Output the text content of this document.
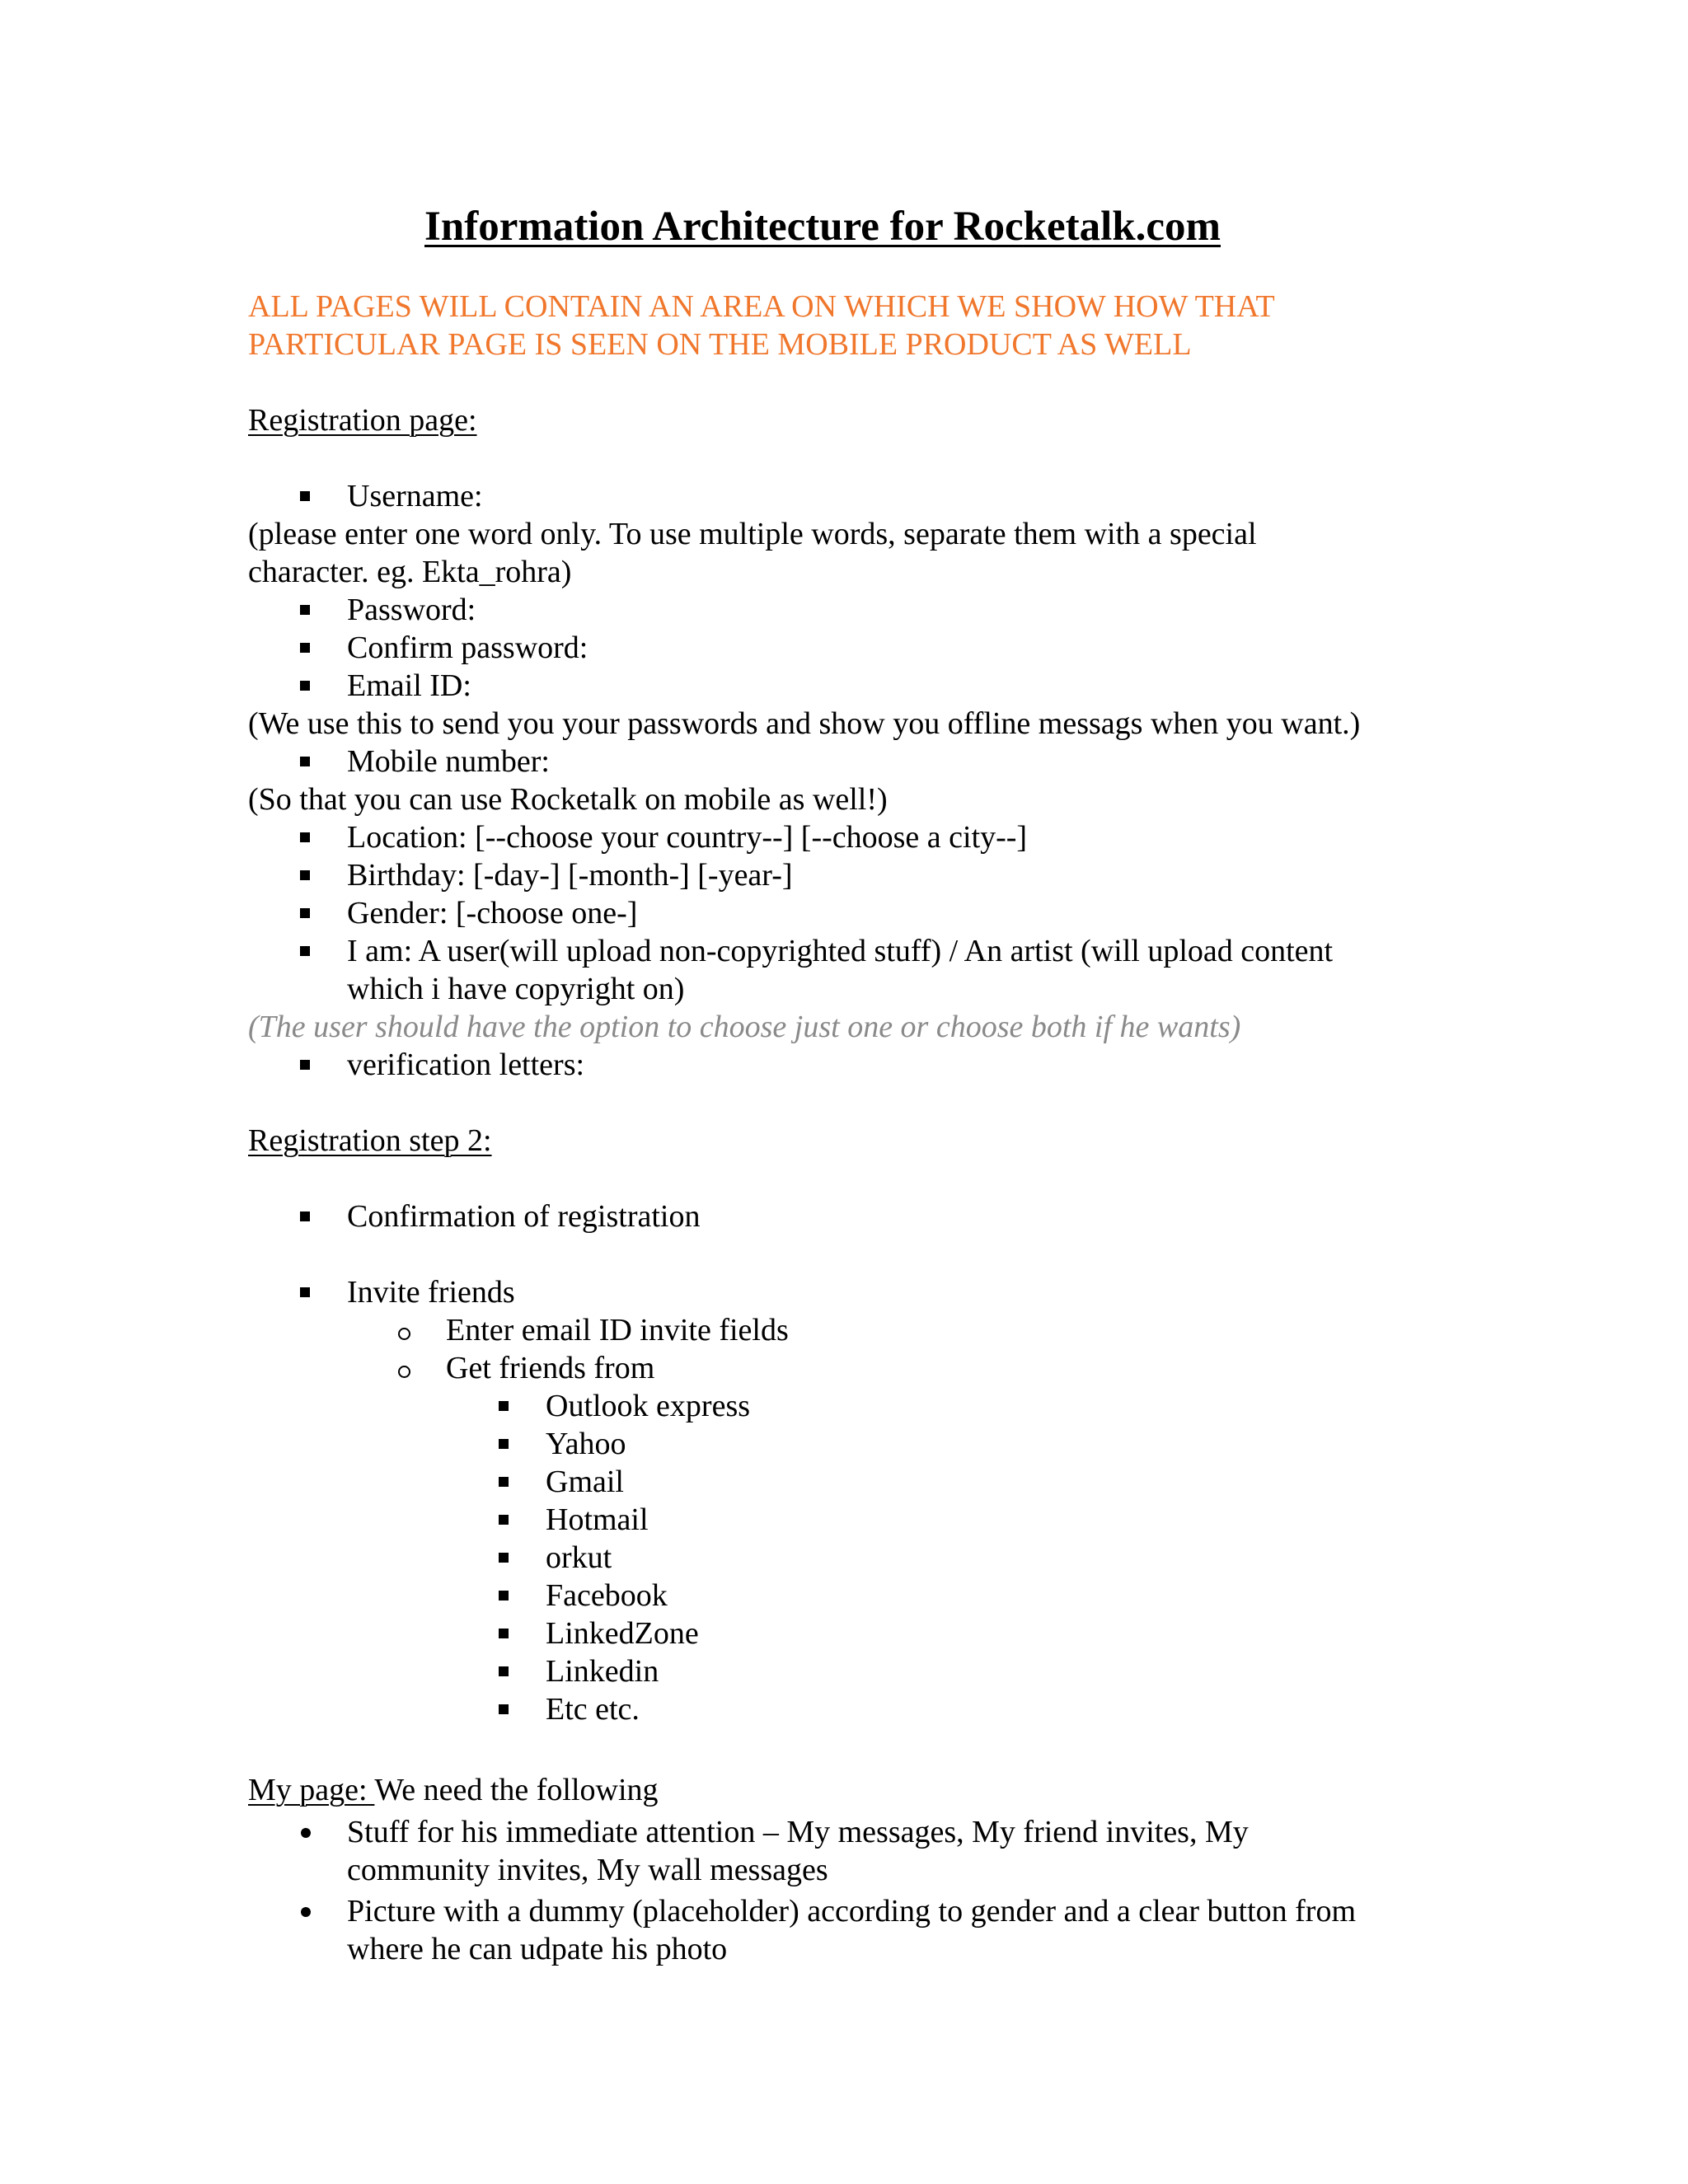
Information Architecture for Rocketalk.com
ALL PAGES WILL CONTAIN AN AREA ON WHICH WE SHOW HOW THAT
PARTICULAR PAGE IS SEEN ON THE MOBILE PRODUCT AS WELL
Registration page:
Username:
(please enter one word only. To use multiple words, separate them with a special
character. eg. Ekta_rohra)
Password:
Confirm password:
Email ID:
(We use this to send you your passwords and show you offline messags when you want.)
Mobile number:
(So that you can use Rocketalk on mobile as well!)
Location: [--choose your country--] [--choose a city--]
Birthday: [-day-] [-month-] [-year-]
Gender: [-choose one-]
I am: A user(will upload non-copyrighted stuff) / An artist (will upload content
which i have copyright on)
(The user should have the option to choose just one or choose both if he wants)
verification letters:
Registration step 2:
Confirmation of registration
Invite friends
Enter email ID invite fields
Get friends from
Outlook express
Yahoo
Gmail
Hotmail
orkut
Facebook
LinkedZone
Linkedin
Etc etc.
My page: We need the following
Stuff for his immediate attention – My messages, My friend invites, My
community invites, My wall messages
Picture with a dummy (placeholder) according to gender and a clear button from
where he can udpate his photo
